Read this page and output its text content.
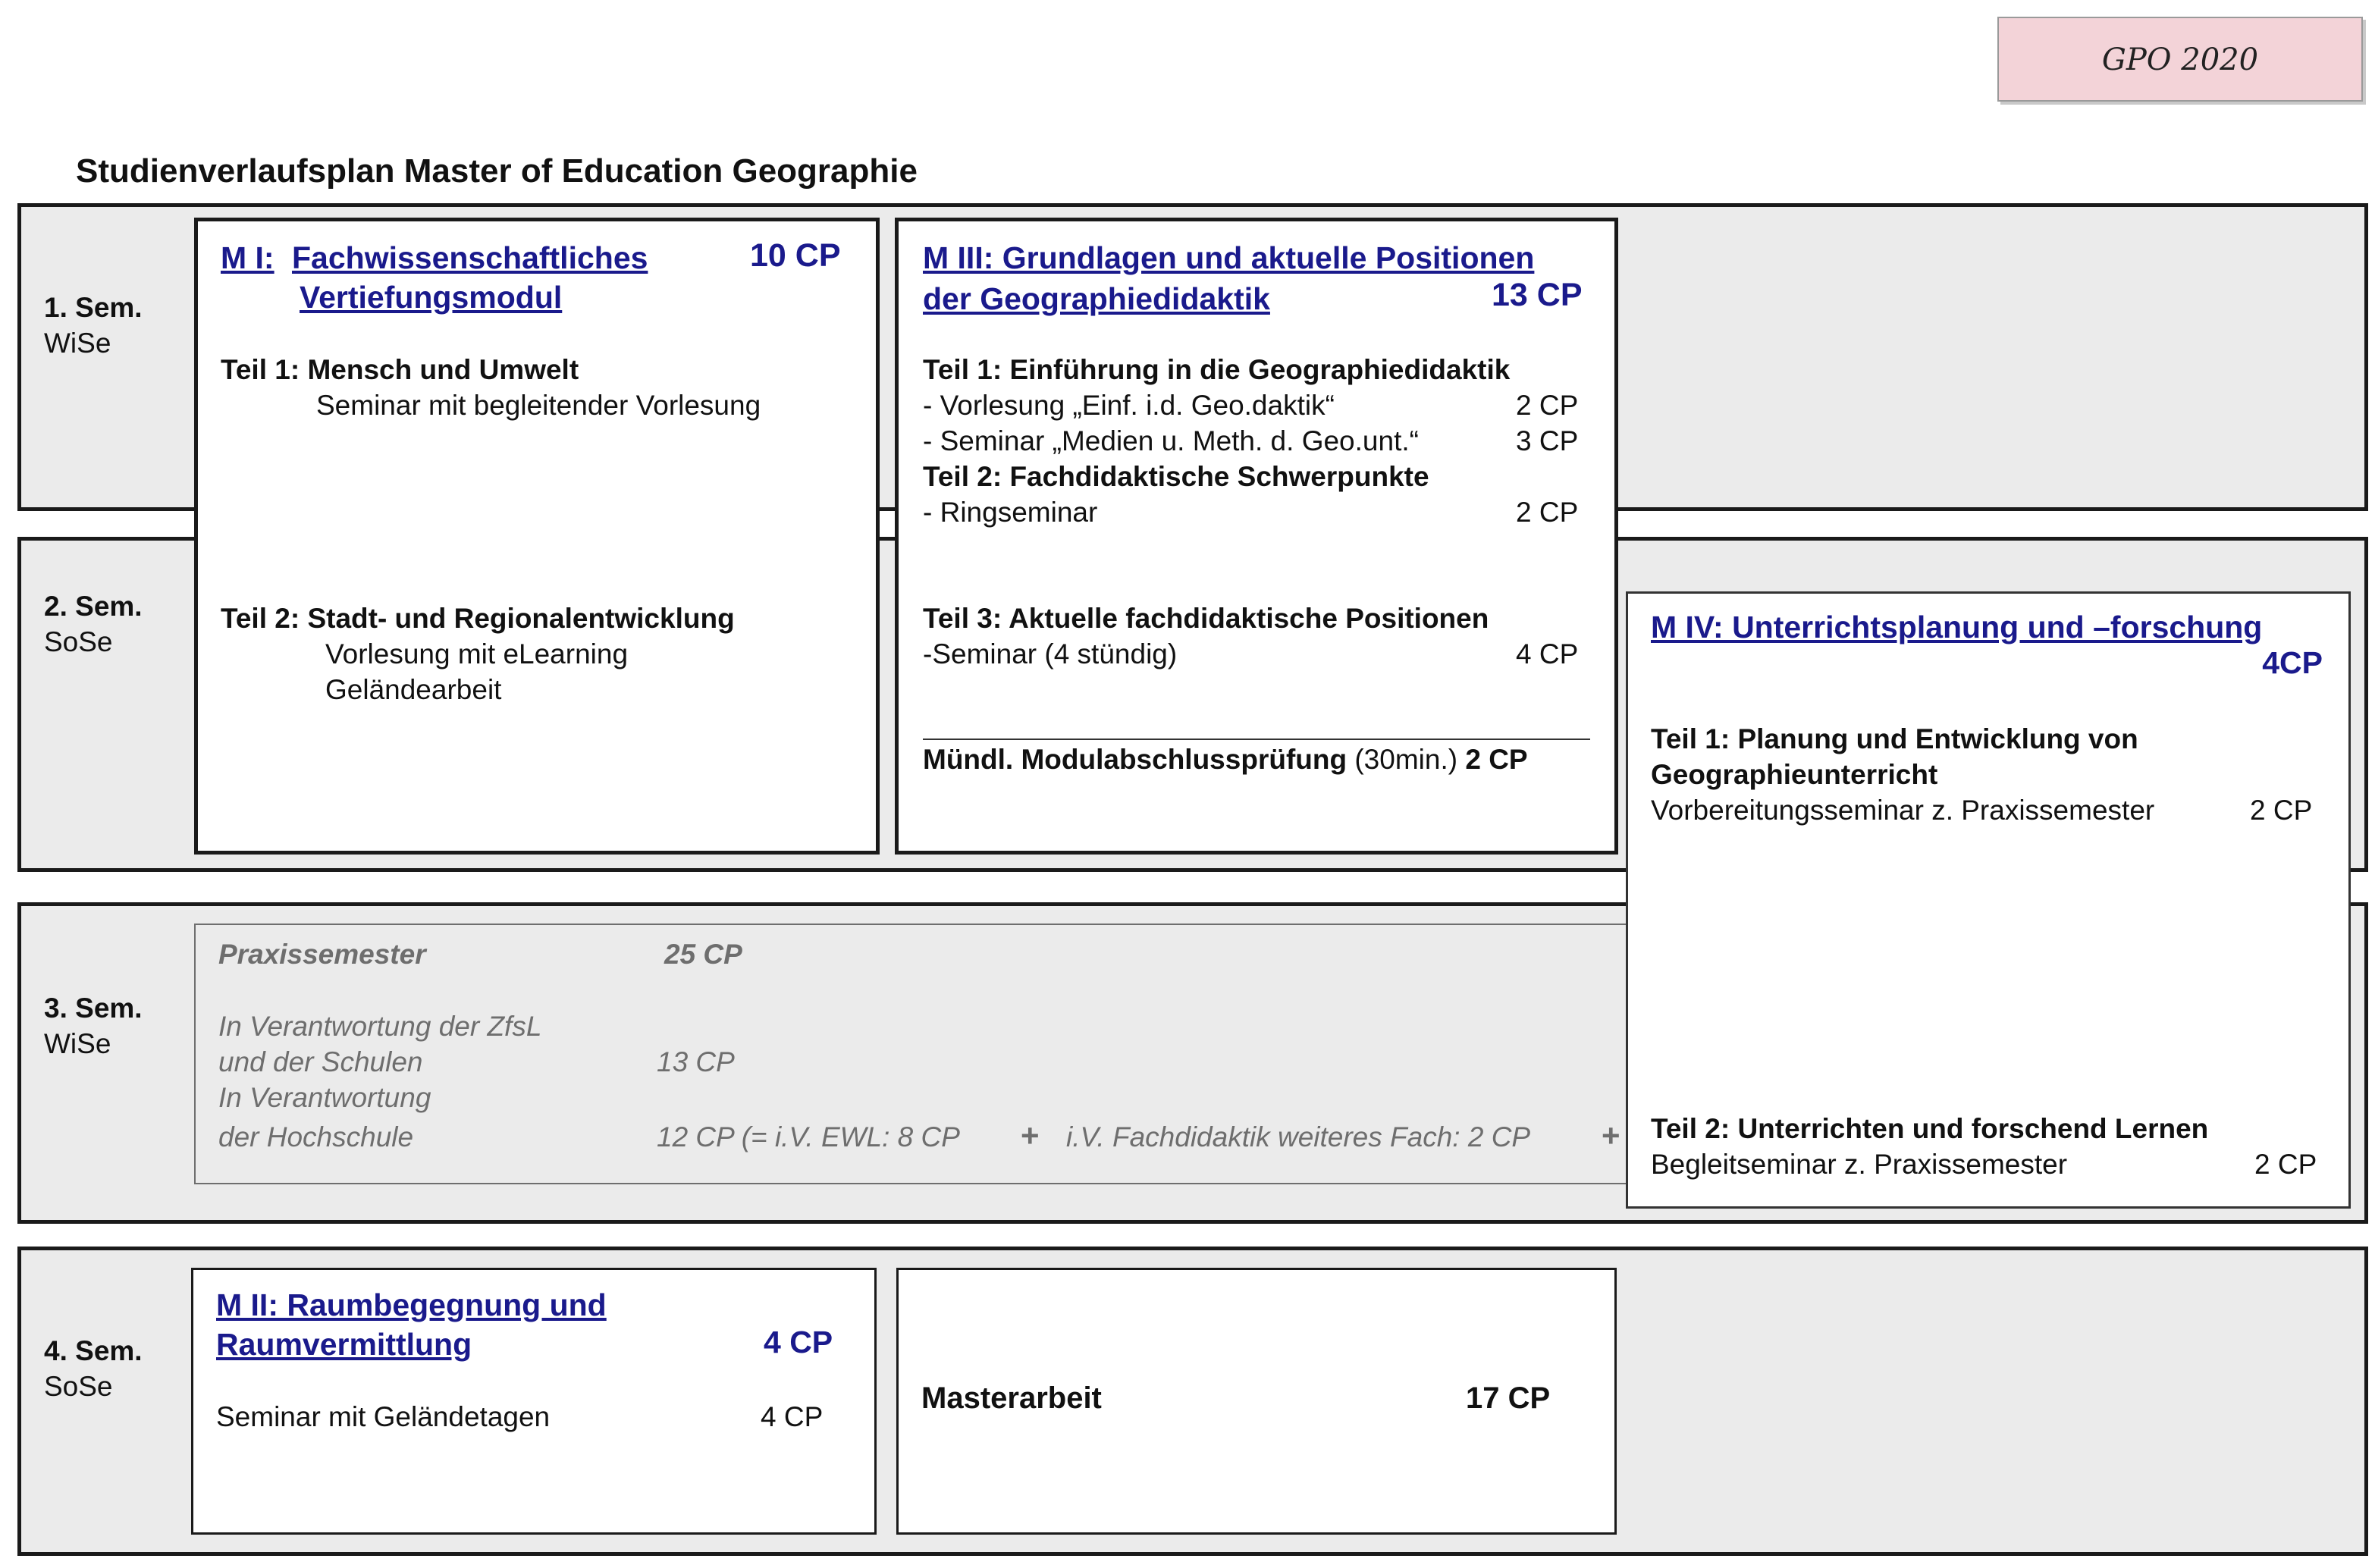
GPO 2020
Studienverlaufsplan Master of Education Geographie
1. Sem.
WiSe
2. Sem.
SoSe
3. Sem.
WiSe
4. Sem.
SoSe
Praxissemester	25 CP
In Verantwortung der ZfsL
und der Schulen	13 CP
In Verantwortung
der Hochschule	12 CP (= i.V. EWL: 8 CP + i.V. Fachdidaktik weiteres Fach: 2 CP +
M I: Fachwissenschaftliches
Vertiefungsmodul
10 CP
Teil 1: Mensch und Umwelt
Seminar mit begleitender Vorlesung
Teil 2: Stadt- und Regionalentwicklung
Vorlesung mit eLearning
Geländearbeit
M III: Grundlagen und aktuelle Positionen
der Geographiedidaktik	13 CP
Teil 1: Einführung in die Geographiedidaktik
- Vorlesung „Einf. i.d. Geo.daktik“	2 CP
- Seminar „Medien u. Meth. d. Geo.unt.“	3 CP
Teil 2: Fachdidaktische Schwerpunkte
- Ringseminar	2 CP
Teil 3: Aktuelle fachdidaktische Positionen
-Seminar (4 stündig)	4 CP
Mündl. Modulabschlussprüfung (30min.) 2 CP
M IV: Unterrichtsplanung und –forschung
4CP
Teil 1: Planung und Entwicklung von
Geographieunterricht
Vorbereitungsseminar z. Praxissemester	2 CP
Teil 2: Unterrichten und forschend Lernen
Begleitseminar z. Praxissemester	2 CP
M II: Raumbegegnung und
Raumvermittlung	4 CP
Seminar mit Geländetagen	4 CP
Masterarbeit	17 CP
